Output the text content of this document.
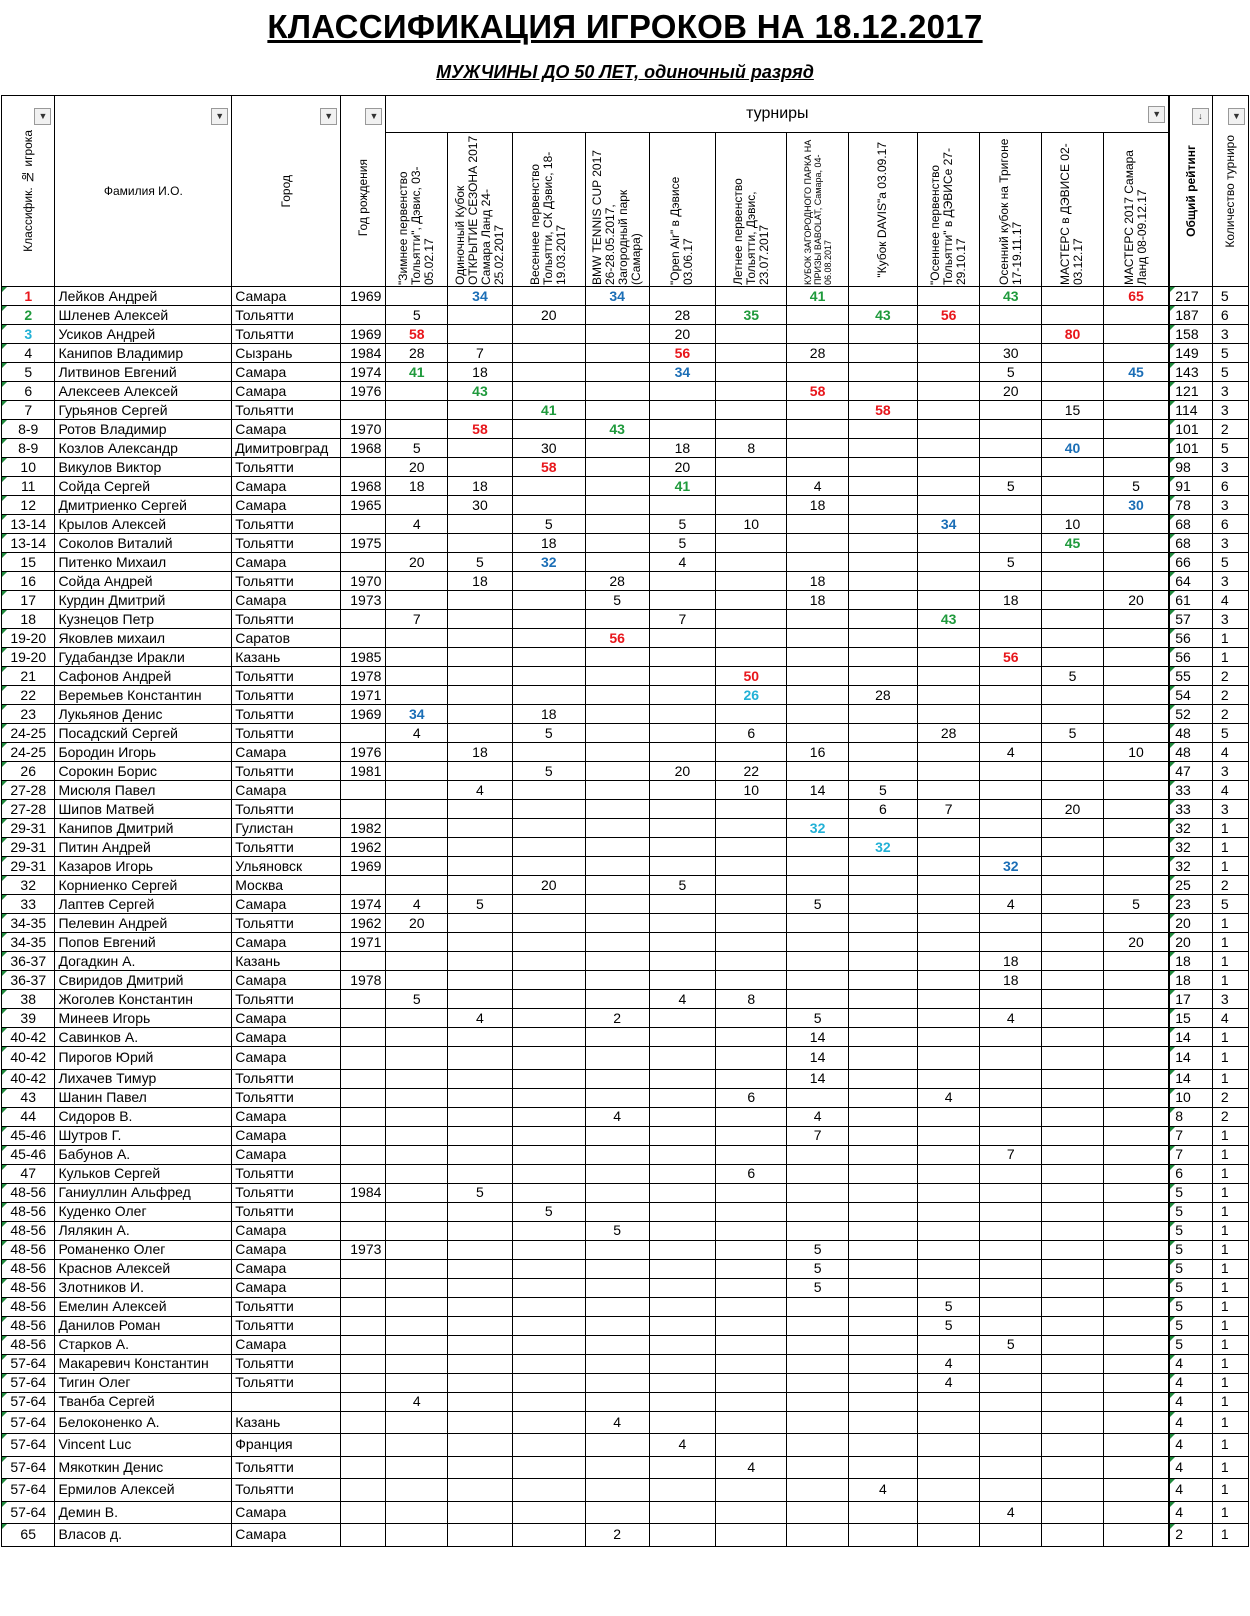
КЛАССИФИКАЦИЯ ИГРОКОВ НА 18.12.2017
МУЖЧИНЫ ДО 50 ЛЕТ, одиночный разряд
Классифик. № игрока
▼	Фамилия И.О.
▼	Город
▼	Год рождения
▼	турниры ▼												Общий рейтинг
↓	Количество турниро
▼

				"Зимнее первенство Тольятти", Дэвис, 03-05.02.17	Одиночный Кубок ОТКРЫТИЕ СЕЗОНА 2017 Самара Ланд 24-25.02.2017	Весеннее первенство Тольятти, СК Дэвис, 18-19.03.2017	BMW TENNIS CUP 2017 26-28.05.2017, Загородный парк (Самара)	"Open Air" в Дэвисе 03.06.17	Летнее первенство Тольятти, Дэвис, 23.07.2017	КУБОК ЗАГОРОДНОГО ПАРКА НА ПРИЗЫ BABOLAT, Самара, 04-06.08.2017	"Кубок DAVIS"а 03.09.17	"Осеннее первенство Тольятти" в ДЭВИСе 27-29.10.17	Осенний кубок на Тригоне 17-19.11.17	МАСТЕРС в ДЭВИСЕ 02-03.12.17	МАСТЕРС 2017 Самара Ланд 08-09.12.17		

1	Лейков Андрей	Самара	1969		34		34			41			43		65	217	5
2	Шленев Алексей	Тольятти		5		20		28	35		43	56				187	6
3	Усиков Андрей	Тольятти	1969	58				20						80		158	3
4	Канипов Владимир	Сызрань	1984	28	7			56		28			30			149	5
5	Литвинов Евгений	Самара	1974	41	18			34					5		45	143	5
6	Алексеев Алексей	Самара	1976		43					58			20			121	3
7	Гурьянов Сергей	Тольятти				41					58			15		114	3
8-9	Ротов Владимир	Самара	1970		58		43									101	2
8-9	Козлов Александр	Димитровград	1968	5		30		18	8					40		101	5
10	Викулов Виктор	Тольятти		20		58		20								98	3
11	Сойда Сергей	Самара	1968	18	18			41		4			5		5	91	6
12	Дмитриенко Сергей	Самара	1965		30					18					30	78	3
13-14	Крылов Алексей	Тольятти		4		5		5	10			34		10		68	6
13-14	Соколов Виталий	Тольятти	1975			18		5						45		68	3
15	Питенко Михаил	Самара		20	5	32		4					5			66	5
16	Сойда Андрей	Тольятти	1970		18		28			18						64	3
17	Курдин Дмитрий	Самара	1973				5			18			18		20	61	4
18	Кузнецов Петр	Тольятти		7				7				43				57	3
19-20	Яковлев михаил	Саратов					56									56	1
19-20	Гудабандзе Иракли	Казань	1985										56			56	1
21	Сафонов Андрей	Тольятти	1978						50					5		55	2
22	Веремьев Константин	Тольятти	1971						26		28					54	2
23	Лукьянов Денис	Тольятти	1969	34		18										52	2
24-25	Посадский Сергей	Тольятти		4		5			6			28		5		48	5
24-25	Бородин Игорь	Самара	1976		18					16			4		10	48	4
26	Сорокин Борис	Тольятти	1981			5		20	22							47	3
27-28	Мисюля Павел	Самара			4				10	14	5					33	4
27-28	Шипов Матвей	Тольятти									6	7		20		33	3
29-31	Канипов Дмитрий	Гулистан	1982							32						32	1
29-31	Питин Андрей	Тольятти	1962								32					32	1
29-31	Казаров Игорь	Ульяновск	1969										32			32	1
32	Корниенко Сергей	Москва				20		5								25	2
33	Лаптев Сергей	Самара	1974	4	5					5			4		5	23	5
34-35	Пелевин Андрей	Тольятти	1962	20												20	1
34-35	Попов Евгений	Самара	1971												20	20	1
36-37	Догадкин А.	Казань											18			18	1
36-37	Свиридов Дмитрий	Самара	1978										18			18	1
38	Жоголев Константин	Тольятти		5				4	8							17	3
39	Минеев Игорь	Самара			4		2			5			4			15	4
40-42	Савинков А.	Самара								14						14	1
40-42	Пирогов Юрий	Самара								14						14	1
40-42	Лихачев Тимур	Тольятти								14						14	1
43	Шанин Павел	Тольятти							6			4				10	2
44	Сидоров В.	Самара					4			4						8	2
45-46	Шутров Г.	Самара								7						7	1
45-46	Бабунов А.	Самара											7			7	1
47	Кульков Сергей	Тольятти							6							6	1
48-56	Ганиуллин Альфред	Тольятти	1984		5											5	1
48-56	Куденко Олег	Тольятти				5										5	1
48-56	Лялякин А.	Самара					5									5	1
48-56	Романенко Олег	Самара	1973							5						5	1
48-56	Краснов Алексей	Самара								5						5	1
48-56	Злотников И.	Самара								5						5	1
48-56	Емелин Алексей	Тольятти										5				5	1
48-56	Данилов Роман	Тольятти										5				5	1
48-56	Старков А.	Самара											5			5	1
57-64	Макаревич Константин	Тольятти										4				4	1
57-64	Тигин Олег	Тольятти										4				4	1
57-64	Тванба Сергей			4												4	1
57-64	Белоконенко А.	Казань					4									4	1
57-64	Vincent Luc	Франция						4								4	1
57-64	Мякоткин Денис	Тольятти							4							4	1
57-64	Ермилов Алексей	Тольятти									4					4	1
57-64	Демин В.	Самара											4			4	1
65	Власов д.	Самара					2									2	1
